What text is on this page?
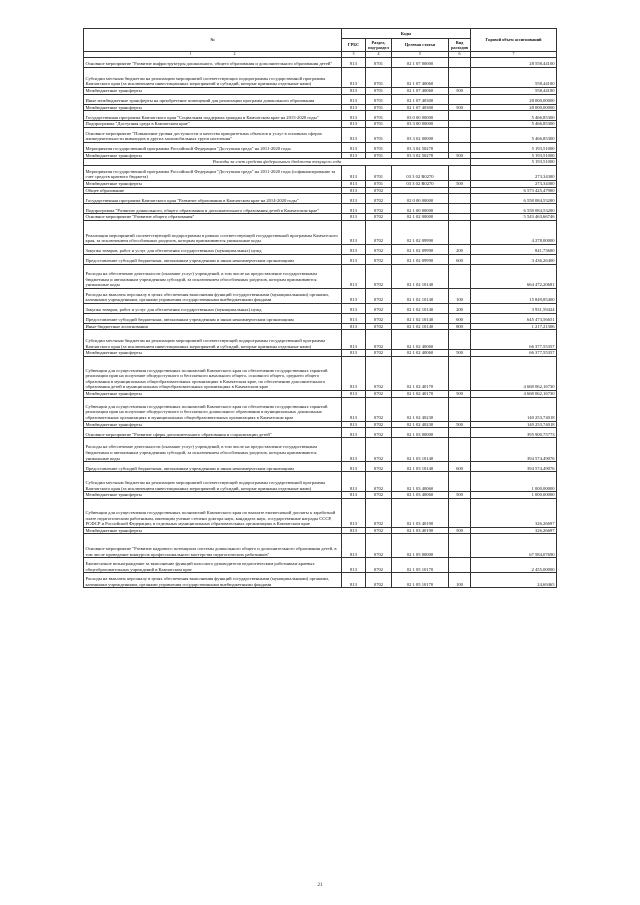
№	Коды				Годовой объем ассигнований
	ГРБС	Раздел, под-раздел	Целевая статья	Вид расходов
1 2	3	4	5	6	7
Основное мероприятие "Развитие инфраструктуры дошкольного, общего образования и дополнительного образования детей"	813	0701	02 1 07 00000		28 558,44100
Субсидии местным бюджетам на реализацию мероприятий соответствующих подпрограммы государственной программы Камчатского края (за исключением инвестиционных мероприятий и субсидий, которые признаны отдельные нами)	813	0701	02 1 07 40060		558,44100
Межбюджетные трансферты	813	0701	02 1 07 40060	500	558,44100
Иные межбюджетные трансферты на приобретение помещений для реализации программ дошкольного образования	813	0701	02 1 07 40300		28 000,00000
Межбюджетные трансферты	813	0701	02 1 07 40300	500	28 000,00000
Государственная программа Камчатского края "Социальная поддержка граждан в Камчатском крае на 2015-2020 годы"	813	0701	03 0 00 00000		5 466,85300
Подпрограмма "Доступная среда в Камчатском крае"	813	0701	03 3 00 00000		5 466,85300
Основное мероприятие "Повышение уровня доступности и качества приоритетных объектов и услуг в основных сферах жизнедеятельности инвалидов и других маломобильных групп населения"	813	0701	03 3 02 00000		5 466,85300
Мероприятия государственной программы Российской Федерации "Доступная среда" на 2011-2020 годы	813	0701	03 3 02 50270		5 193,51000
Межбюджетные трансферты	813	0701	03 3 02 50270	500	5 193,51000
Расходы за счет средств федерального бюджета текущего года					5 193,51000
Мероприятия государственной программы Российской Федерации "Доступная среда" на 2011-2020 годы (софинансирование за счет средств краевого бюджета)	813	0701	03 3 02 R0270		273,34300
Межбюджетные трансферты	813	0701	03 3 02 R0270	500	273,34300
Общее образование	813	0702			6 573 425,47900
Государственная программа Камчатского края "Развитие образования в Камчатском крае на 2014-2020 годы"	813	0702	02 0 00 00000		6 558 084,53200
Подпрограмма "Развитие дошкольного, общего образования и дополнительного образования детей в Камчатском крае"	813	0702	02 1 00 00000		6 558 084,53200
Основное мероприятие "Развитие общего образования"	813	0702	02 1 02 00000		5 543 463,66746
Реализация мероприятий соответствующей подпрограммы в рамках соответствующей государственной программы Камчатского края, за исключением обособленных разделов, которым присваиваются уникальные коды	813	0702	02 1 02 09990		4 278,00000
Закупка товаров, работ и услуг для обеспечения государственных (муниципальных) нужд	813	0702	02 1 02 09990	200	841,73600
Предоставление субсидий бюджетным, автономным учреждениям и иным некоммерческим организациям	813	0702	02 1 02 09990	600	3 436,26400
Расходы на обеспечение деятельности (оказание услуг) учреждений, в том числе на предоставление государственным бюджетным и автономным учреждениям субсидий, за исключением обособленных разделов, которым присваиваются уникальные коды	813	0702	02 1 02 10140		664 472,20681
Расходы на выплаты персоналу в целях обеспечения выполнения функций государственными (муниципальными) органами, казенными учреждениями, органами управления государственными внебюджетными фондами	813	0702	02 1 02 10140	100	15 849,85400
Закупка товаров, работ и услуг для обеспечения государственных (муниципальных) нужд	813	0702	02 1 02 10140	200	3 931,59424
Предоставление субсидий бюджетным, автономным учреждениям и иным некоммерческим организациям	813	0702	02 1 02 10140	600	645 473,56651
Иные бюджетные ассигнования	813	0702	02 1 02 10140	800	1 217,21306
Субсидии местным бюджетам на реализацию мероприятий соответствующей подпрограммы государственной программы Камчатского края (за исключением инвестиционных мероприятий и субсидий, которые признаны отдельные нами)	813	0702	02 1 02 40060		66 377,55357
Межбюджетные трансферты	813	0702	02 1 02 40060	500	66 377,55357
Субвенции для осуществления государственных полномочий Камчатского края по обеспечению государственных гарантий реализации прав на получение общедоступного и бесплатного начального общего, основного общего, среднего общего образования в муниципальных общеобразовательных организациях в Камчатском крае, по обеспечению дополнительного образования детей в муниципальных общеобразовательных организациях в Камчатском крае	813	0702	02 1 02 40170		4 668 062,16730
Межбюджетные трансферты	813	0702	02 1 02 40170	500	4 668 062,16730
Субвенции для осуществления государственных полномочий Камчатского края по обеспечению государственных гарантий реализации прав на получение общедоступного и бесплатного дошкольного образования в муниципальных дошкольных образовательных организациях и муниципальных общеобразовательных организациях в Камчатском крае	813	0702	02 1 02 40230		140 253,74018
Межбюджетные трансферты	813	0702	02 1 02 40230	500	140 253,74018
Основное мероприятие "Развитие сферы дополнительного образования и социализации детей"	813	0702	02 1 03 00000		395 900,75773
Расходы на обеспечение деятельности (оказание услуг) учреждений, в том числе на предоставление государственным бюджетным и автономным учреждениям субсидий, за исключением обособленных разделов, которым присваиваются уникальные коды	813	0702	02 1 03 10140		394 574,49076
Предоставление субсидий бюджетным, автономным учреждениям и иным некоммерческим организациям	813	0702	02 1 03 10140	600	394 574,49076
Субсидии местным бюджетам на реализацию мероприятий соответствующей подпрограммы государственной программы Камчатского края (за исключением инвестиционных мероприятий и субсидий, которые признаны отдельные нами)	813	0702	02 1 03 40060		1 000,00000
Межбюджетные трансферты	813	0702	02 1 03 40060	500	1 000,00000
Субвенции для осуществления государственных полномочий Камчатского края по выплате ежемесячной доплаты к заработной плате педагогическим работникам, имеющим ученые степени доктора наук, кандидата наук, государственные награды СССР, РСФСР и Российской Федерации, в отдельных муниципальных образовательных организациях в Камчатском крае	813	0702	02 1 03 40190		326,26697
Межбюджетные трансферты	813	0702	02 1 03 40190	500	326,26697
Основное мероприятие "Развитие кадрового потенциала системы дошкольного общего и дополнительного образования детей, в том числе проведение конкурсов профессионального мастерства педагогических работников"	813	0702	02 1 05 00000		67 584,07690
Ежемесячное вознаграждение за выполнение функций классного руководителя педагогическим работникам краевых общеобразовательных учреждений в Камчатском крае	813	0702	02 1 05 10170		2 455,00000
Расходы на выплаты персоналу в целях обеспечения выполнения функций государственными (муниципальными) органами, казенными учреждениями, органами управления государственными внебюджетными фондами	813	0702	02 1 05 10170	100	24,69465
21
